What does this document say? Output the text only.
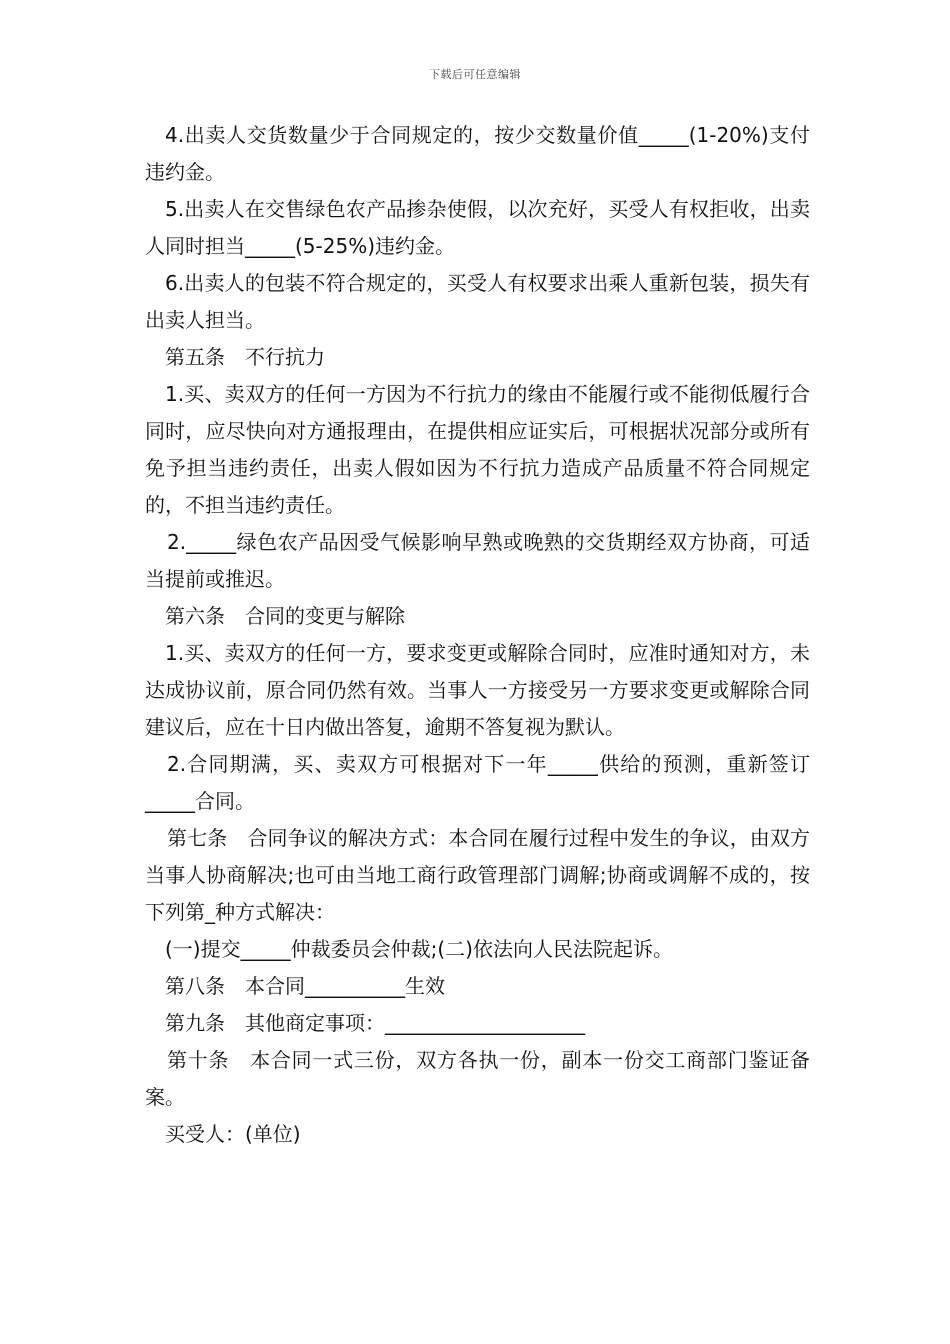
下载后可任意编辑

4.出卖人交货数量少于合同规定的，按少交数量价值_____(1-20%)支付违约金。

5.出卖人在交售绿色农产品掺杂使假，以次充好，买受人有权拒收，出卖人同时担当_____(5-25%)违约金。

6.出卖人的包装不符合规定的，买受人有权要求出乘人重新包装，损失有出卖人担当。

第五条　不行抗力

1.买、卖双方的任何一方因为不行抗力的缘由不能履行或不能彻低履行合同时，应尽快向对方通报理由，在提供相应证实后，可根据状况部分或所有免予担当违约责任，出卖人假如因为不行抗力造成产品质量不符合同规定的，不担当违约责任。

2._____绿色农产品因受气候影响早熟或晚熟的交货期经双方协商，可适当提前或推迟。

第六条　合同的变更与解除

1.买、卖双方的任何一方，要求变更或解除合同时，应准时通知对方，未达成协议前，原合同仍然有效。当事人一方接受另一方要求变更或解除合同建议后，应在十日内做出答复，逾期不答复视为默认。

2.合同期满，买、卖双方可根据对下一年_____供给的预测，重新签订_____合同。

第七条　合同争议的解决方式：本合同在履行过程中发生的争议，由双方当事人协商解决;也可由当地工商行政管理部门调解;协商或调解不成的，按下列第_种方式解决：

(一)提交_____仲裁委员会仲裁;(二)依法向人民法院起诉。

第八条　本合同__________生效

第九条　其他商定事项：____________________

第十条　本合同一式三份，双方各执一份，副本一份交工商部门鉴证备案。

买受人：(单位)
